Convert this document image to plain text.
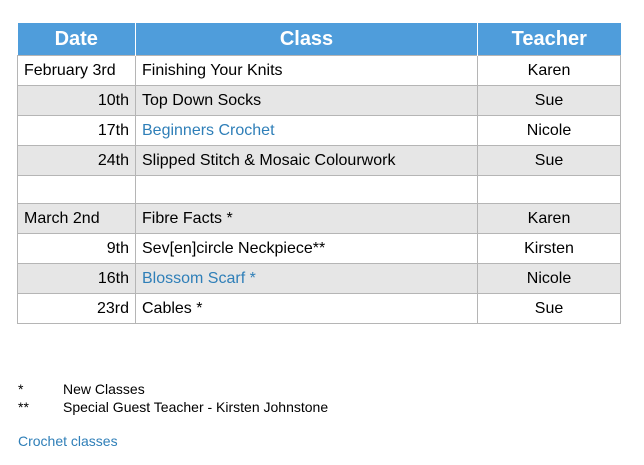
Date	Class	Teacher
February 3rd	Finishing Your Knits	Karen
10th	Top Down Socks	Sue
17th	Beginners Crochet	Nicole
24th	Slipped Stitch & Mosaic Colourwork	Sue

March 2nd	Fibre Facts *	Karen
9th	Sev[en]circle Neckpiece**	Kirsten
16th	Blossom Scarf *	Nicole
23rd	Cables *	Sue
*	New Classes
**	Special Guest Teacher - Kirsten Johnstone
Crochet classes
